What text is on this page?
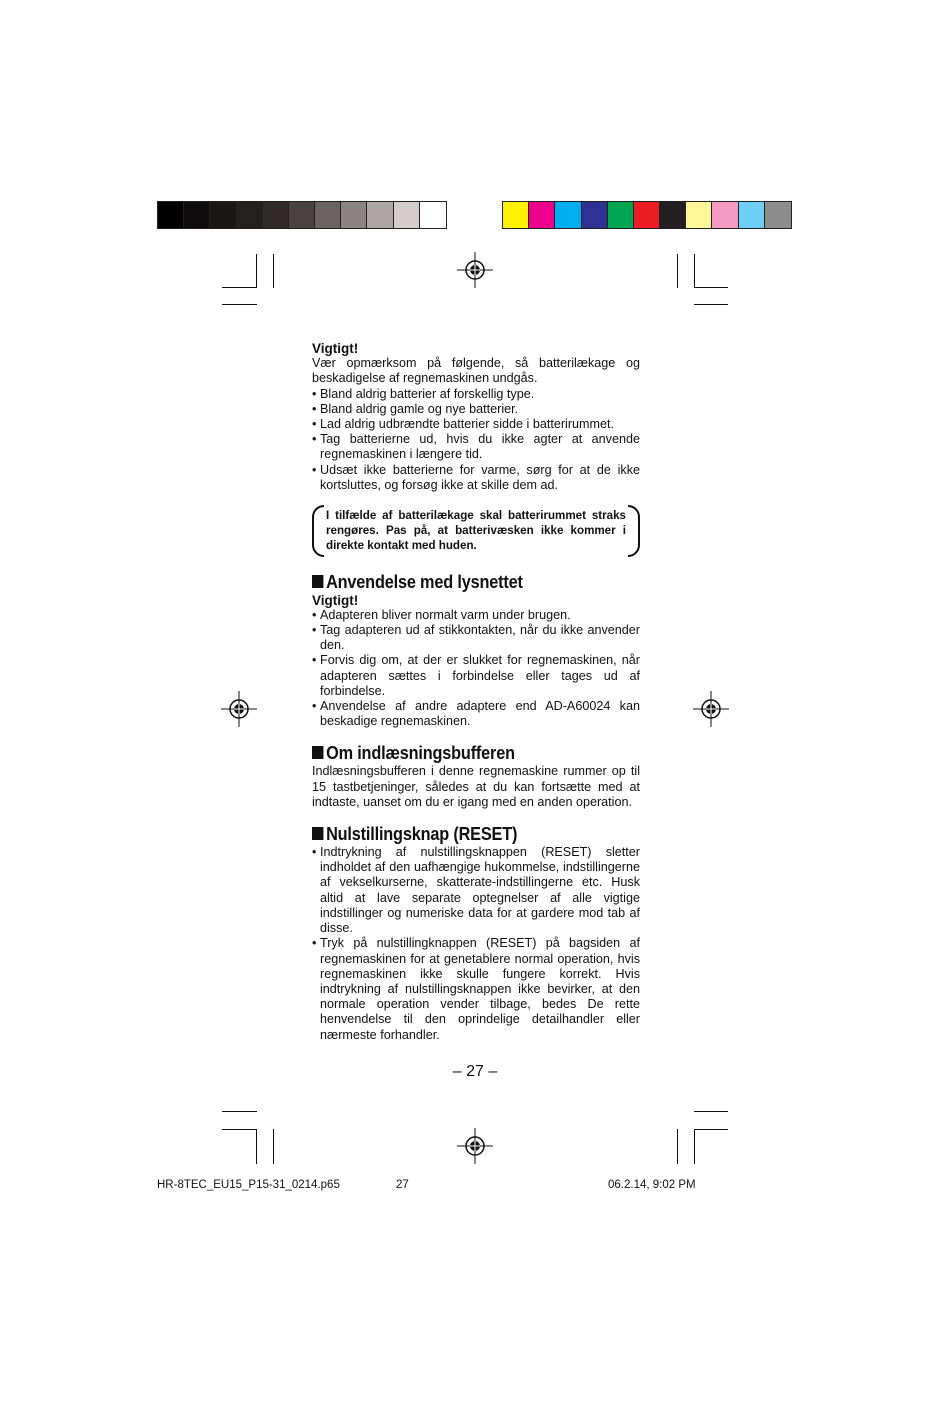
Vigtigt!

Vær opmærksom på følgende, så batterilækage og beskadigelse af regnemaskinen undgås.

• Bland aldrig batterier af forskellig type.
• Bland aldrig gamle og nye batterier.
• Lad aldrig udbrændte batterier sidde i batterirummet.
• Tag batterierne ud, hvis du ikke agter at anvende regnemaskinen i længere tid.
• Udsæt ikke batterierne for varme, sørg for at de ikke kortsluttes, og forsøg ikke at skille dem ad.
I tilfælde af batterilækage skal batterirummet straks rengøres. Pas på, at batterivæsken ikke kommer i direkte kontakt med huden.
Anvendelse med lysnettet

Vigtigt!

• Adapteren bliver normalt varm under brugen.
• Tag adapteren ud af stikkontakten, når du ikke anvender den.
• Forvis dig om, at der er slukket for regnemaskinen, når adapteren sættes i forbindelse eller tages ud af forbindelse.
• Anvendelse af andre adaptere end AD-A60024 kan beskadige regnemaskinen.
Om indlæsningsbufferen

Indlæsningsbufferen i denne regnemaskine rummer op til 15 tastbetjeninger, således at du kan fortsætte med at indtaste, uanset om du er igang med en anden operation.

Nulstillingsknap (RESET)
• Indtrykning af nulstillingsknappen (RESET) sletter indholdet af den uafhængige hukommelse, indstillingerne af vekselkurserne, skatterate-indstillingerne etc. Husk altid at lave separate optegnelser af alle vigtige indstillinger og numeriske data for at gardere mod tab af disse.
• Tryk på nulstillingknappen (RESET) på bagsiden af regnemaskinen for at genetablere normal operation, hvis regnemaskinen ikke skulle fungere korrekt. Hvis indtrykning af nulstillingsknappen ikke bevirker, at den normale operation vender tilbage, bedes De rette henvendelse til den oprindelige detailhandler eller nærmeste forhandler.
– 27 –
HR-8TEC_EU15_P15-31_0214.p65	27	06.2.14, 9:02 PM
